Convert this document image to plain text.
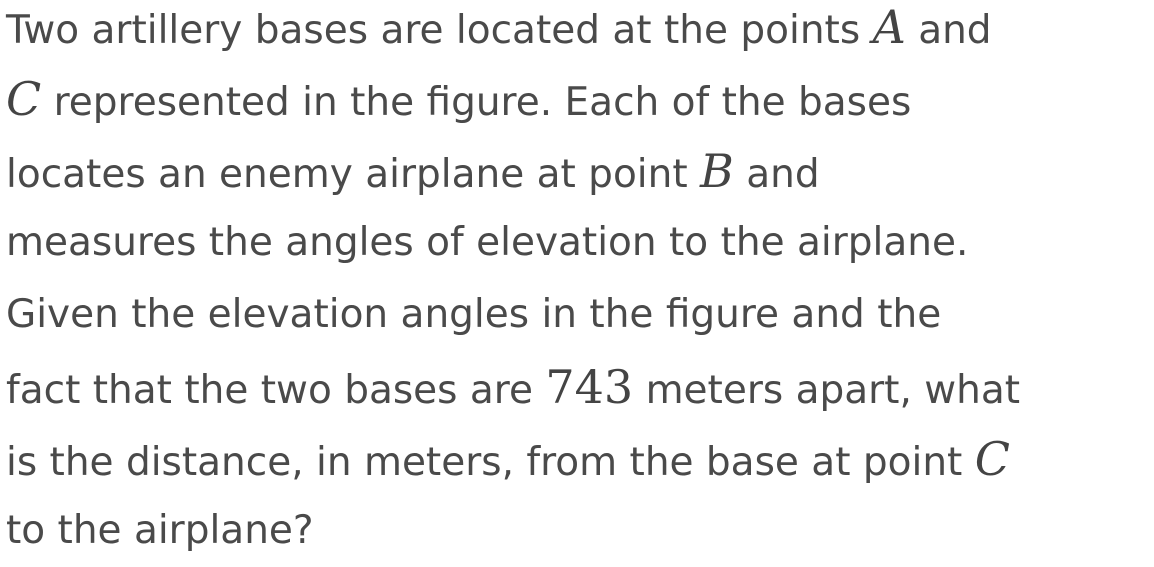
Two artillery bases are located at the points A and
C represented in the figure. Each of the bases
locates an enemy airplane at point B and
measures the angles of elevation to the airplane.
Given the elevation angles in the figure and the
fact that the two bases are 743 meters apart, what
is the distance, in meters, from the base at point C
to the airplane?
